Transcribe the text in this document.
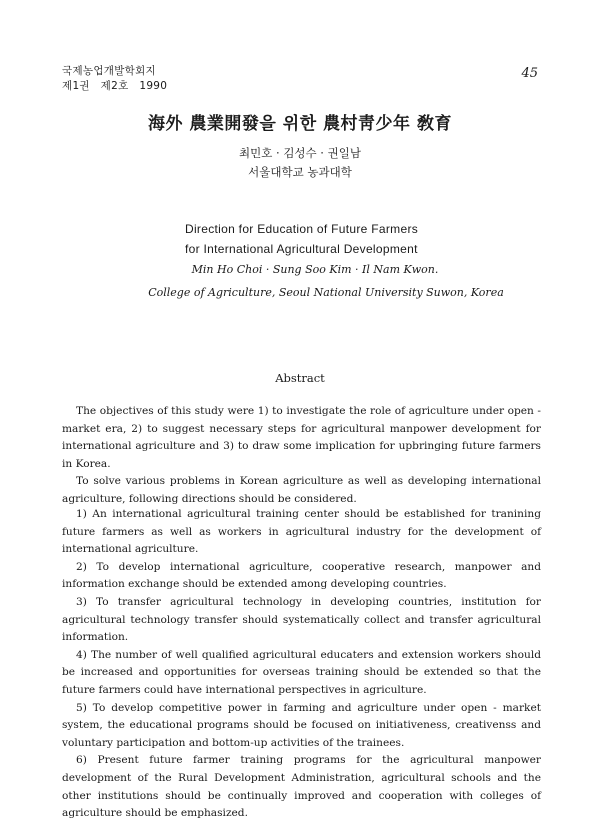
국제농업개발학회지
제1권　제2호　1990
45
海外 農業開發을 위한 農村靑少年 敎育
최민호 · 김성수 · 권일남
서울대학교 농과대학
Direction for Education of Future Farmers
for International Agricultural Development
Min Ho Choi · Sung Soo Kim · Il Nam Kwon.
College of Agriculture, Seoul National University Suwon, Korea
Abstract

The objectives of this study were 1) to investigate the role of agriculture under open - market era, 2) to suggest necessary steps for agricultural manpower development for international agriculture and 3) to draw some implication for upbringing future farmers in Korea.

To solve various problems in Korean agriculture as well as developing international agriculture, following directions should be considered.

1) An international agricultural training center should be established for tranining future farmers as well as workers in agricultural industry for the development of international agriculture.

2) To develop international agriculture, cooperative research, manpower and information exchange should be extended among developing countries.

3) To transfer agricultural technology in developing countries, institution for agricultural technology transfer should systematically collect and transfer agricultural information.

4) The number of well qualified agricultural educaters and extension workers should be increased and opportunities for overseas training should be extended so that the future farmers could have international perspectives in agriculture.

5) To develop competitive power in farming and agriculture under open - market system, the educational programs should be focused on initiativeness, creativenss and voluntary participation and bottom-up activities of the trainees.

6) Present future farmer training programs for the agricultural manpower development of the Rural Development Administration, agricultural schools and the other institutions should be continually improved and cooperation with colleges of agriculture should be emphasized.
